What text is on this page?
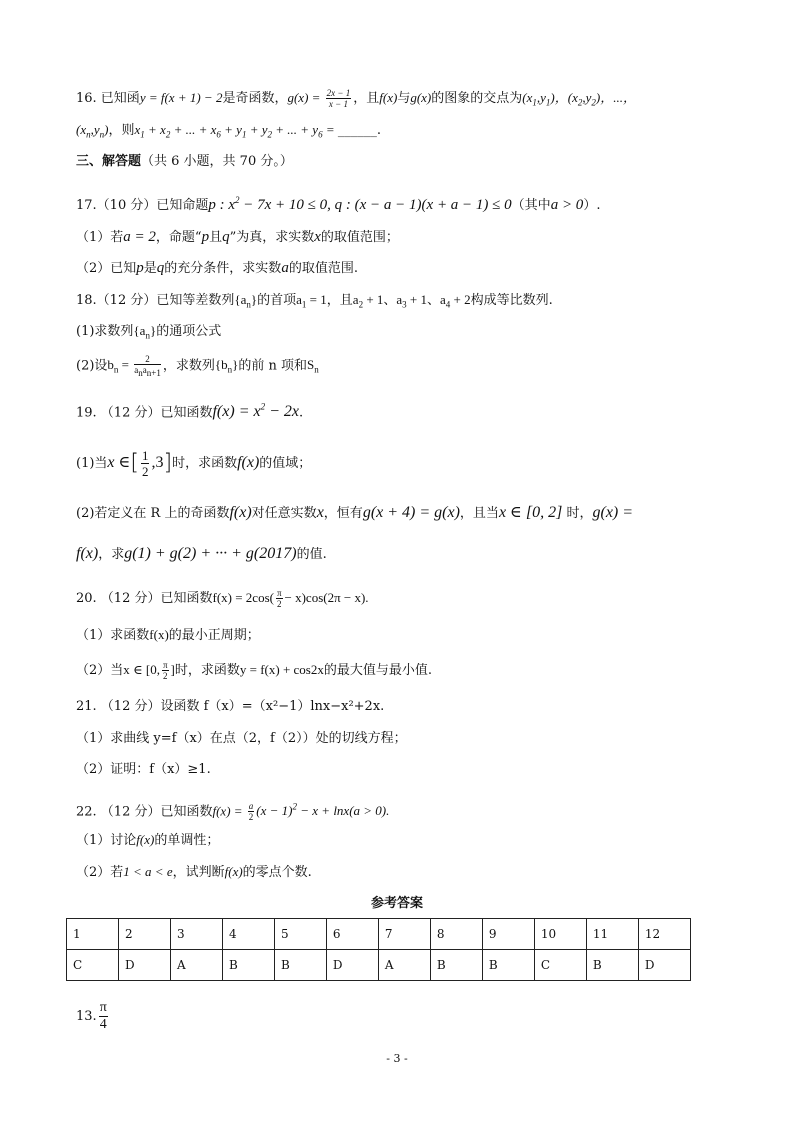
16. 已知函y = f(x + 1) − 2是奇函数，$g(x) = \frac{2x - 1}{x - 1}$ ，且f(x)与g(x)的图象的交点为$(x_1,y_1)$，$(x_2,y_2)$，...，
$(x_n,y_n)$，则$x_1 + x_2$ + ... + $x_6 + y_1 + y_2$ + ... + $y_6$ = ______.
三、解答题（共 6 小题，共 70 分。）
17.（10 分）已知命题p : $x^2 - 7x + 10 \le 0$, q : (x − a − 1)(x + a − 1) ≤ 0（其中a > 0）.
（1）若a = 2，命题“p且q”为真，求实数x的取值范围；
（2）已知p是q的充分条件，求实数a的取值范围.
18.（12 分）已知等差数列$\{a_n\}$的首项$a_1 = 1$，且$a_2 + 1$、$a_3 + 1$、$a_4 + 2$构成等比数列.
(1)求数列$\{a_n\}$的通项公式
(2)设$b_n = \frac{2}{a_na_{n+1}}$ ，求数列$\{b_n\}$的前 n 项和$S_n$
19. （12 分）已知函数$f(x) = x^2 - 2x$.
(1)当x ∈[ $\frac{1}{2} ,3$]时，求函数f(x)的值域；
(2)若定义在 R 上的奇函数f(x)对任意实数x，恒有g(x + 4) = g(x)，且当x ∈ [0, 2] 时，g(x) =
f(x)，求g(1) + g(2) + ··· + g(2017)的值.
20. （12 分）已知函数$f(x) = 2\cos( \frac{\pi}{2} - x)\cos(2\pi - x)$.
（1）求函数f(x)的最小正周期；
（2）当x ∈ [0, $\frac{\pi}{2}$ ]时，求函数y = f(x) + cos2x的最大值与最小值.
21. （12 分）设函数 f（x）=（x²−1）lnx−x²+2x.
（1）求曲线 y=f（x）在点（2，f（2））处的切线方程；
（2）证明：f（x）≥1.
22. （12 分）已知函数$f(x) = \frac{a}{2} (x - 1)^2 - x + \ln x(a > 0)$.
（1）讨论f(x)的单调性；
（2）若1 < a < e，试判断f(x)的零点个数.
参考答案
1	2	3	4	5	6	7	8	9	10	11	12
C	D	A	B	B	D	A	B	B	C	B	D
13. $\frac{\pi}{4}$
- 3 -
